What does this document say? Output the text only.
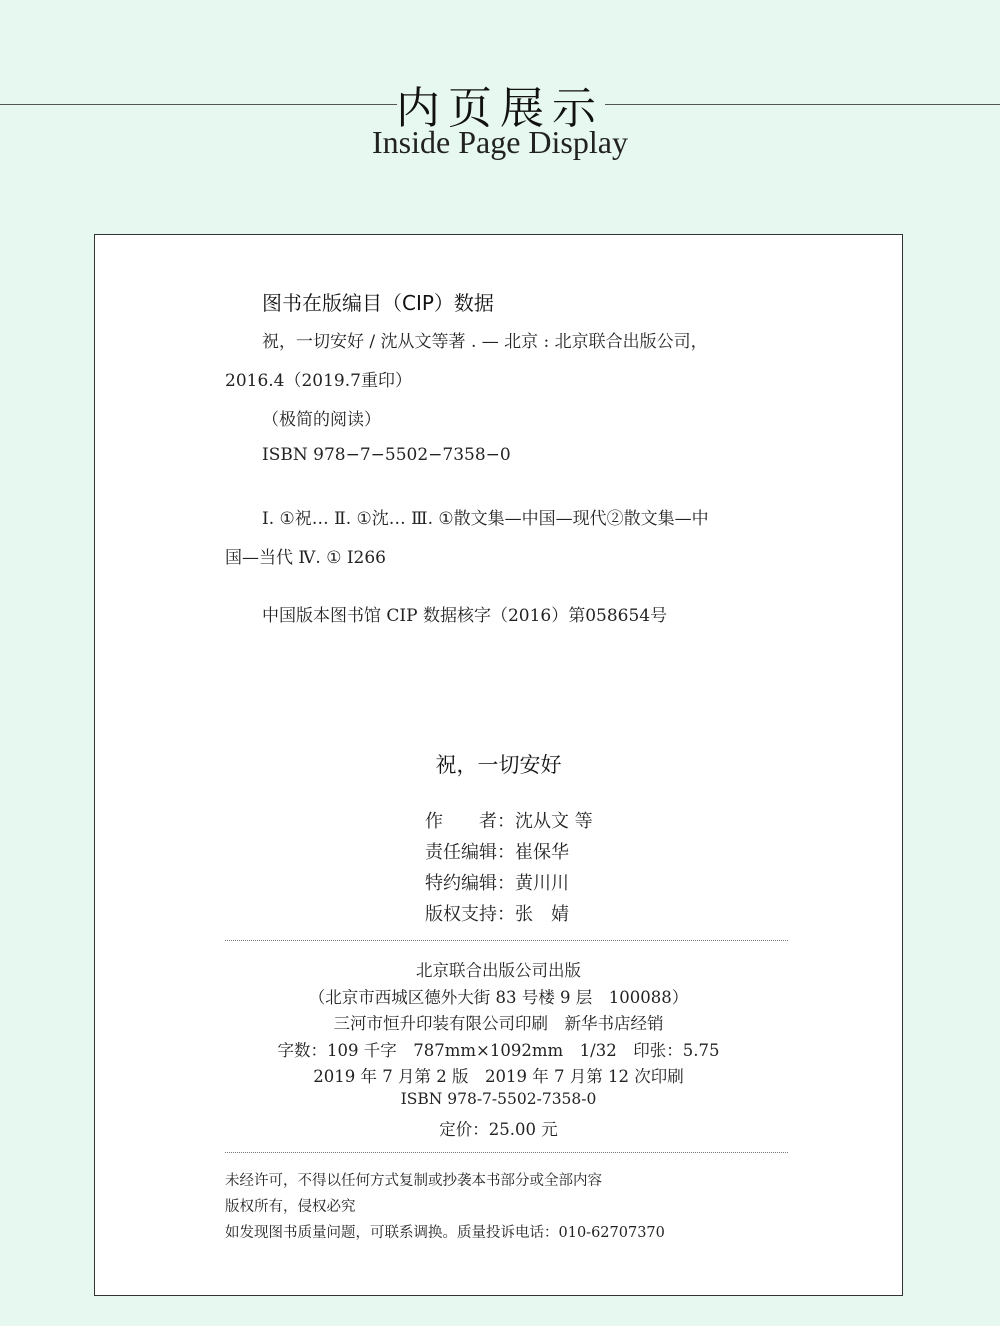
内页展示
Inside Page Display
图书在版编目（CIP）数据
祝，一切安好 / 沈从文等著 . — 北京 : 北京联合出版公司，
2016.4（2019.7重印）
（极简的阅读）
ISBN 978−7−5502−7358−0
Ⅰ. ①祝… Ⅱ. ①沈… Ⅲ. ①散文集—中国—现代②散文集—中
国—当代 Ⅳ. ① I266
中国版本图书馆 CIP 数据核字（2016）第058654号
祝，一切安好
作　　者：沈从文 等
责任编辑：崔保华
特约编辑：黄川川
版权支持：张　婧
北京联合出版公司出版
（北京市西城区德外大街 83 号楼 9 层　100088）
三河市恒升印装有限公司印刷　新华书店经销
字数：109 千字　787mm×1092mm　1/32　印张：5.75
2019 年 7 月第 2 版　2019 年 7 月第 12 次印刷
ISBN 978-7-5502-7358-0
定价：25.00 元
未经许可，不得以任何方式复制或抄袭本书部分或全部内容
版权所有，侵权必究
如发现图书质量问题，可联系调换。质量投诉电话：010-62707370
